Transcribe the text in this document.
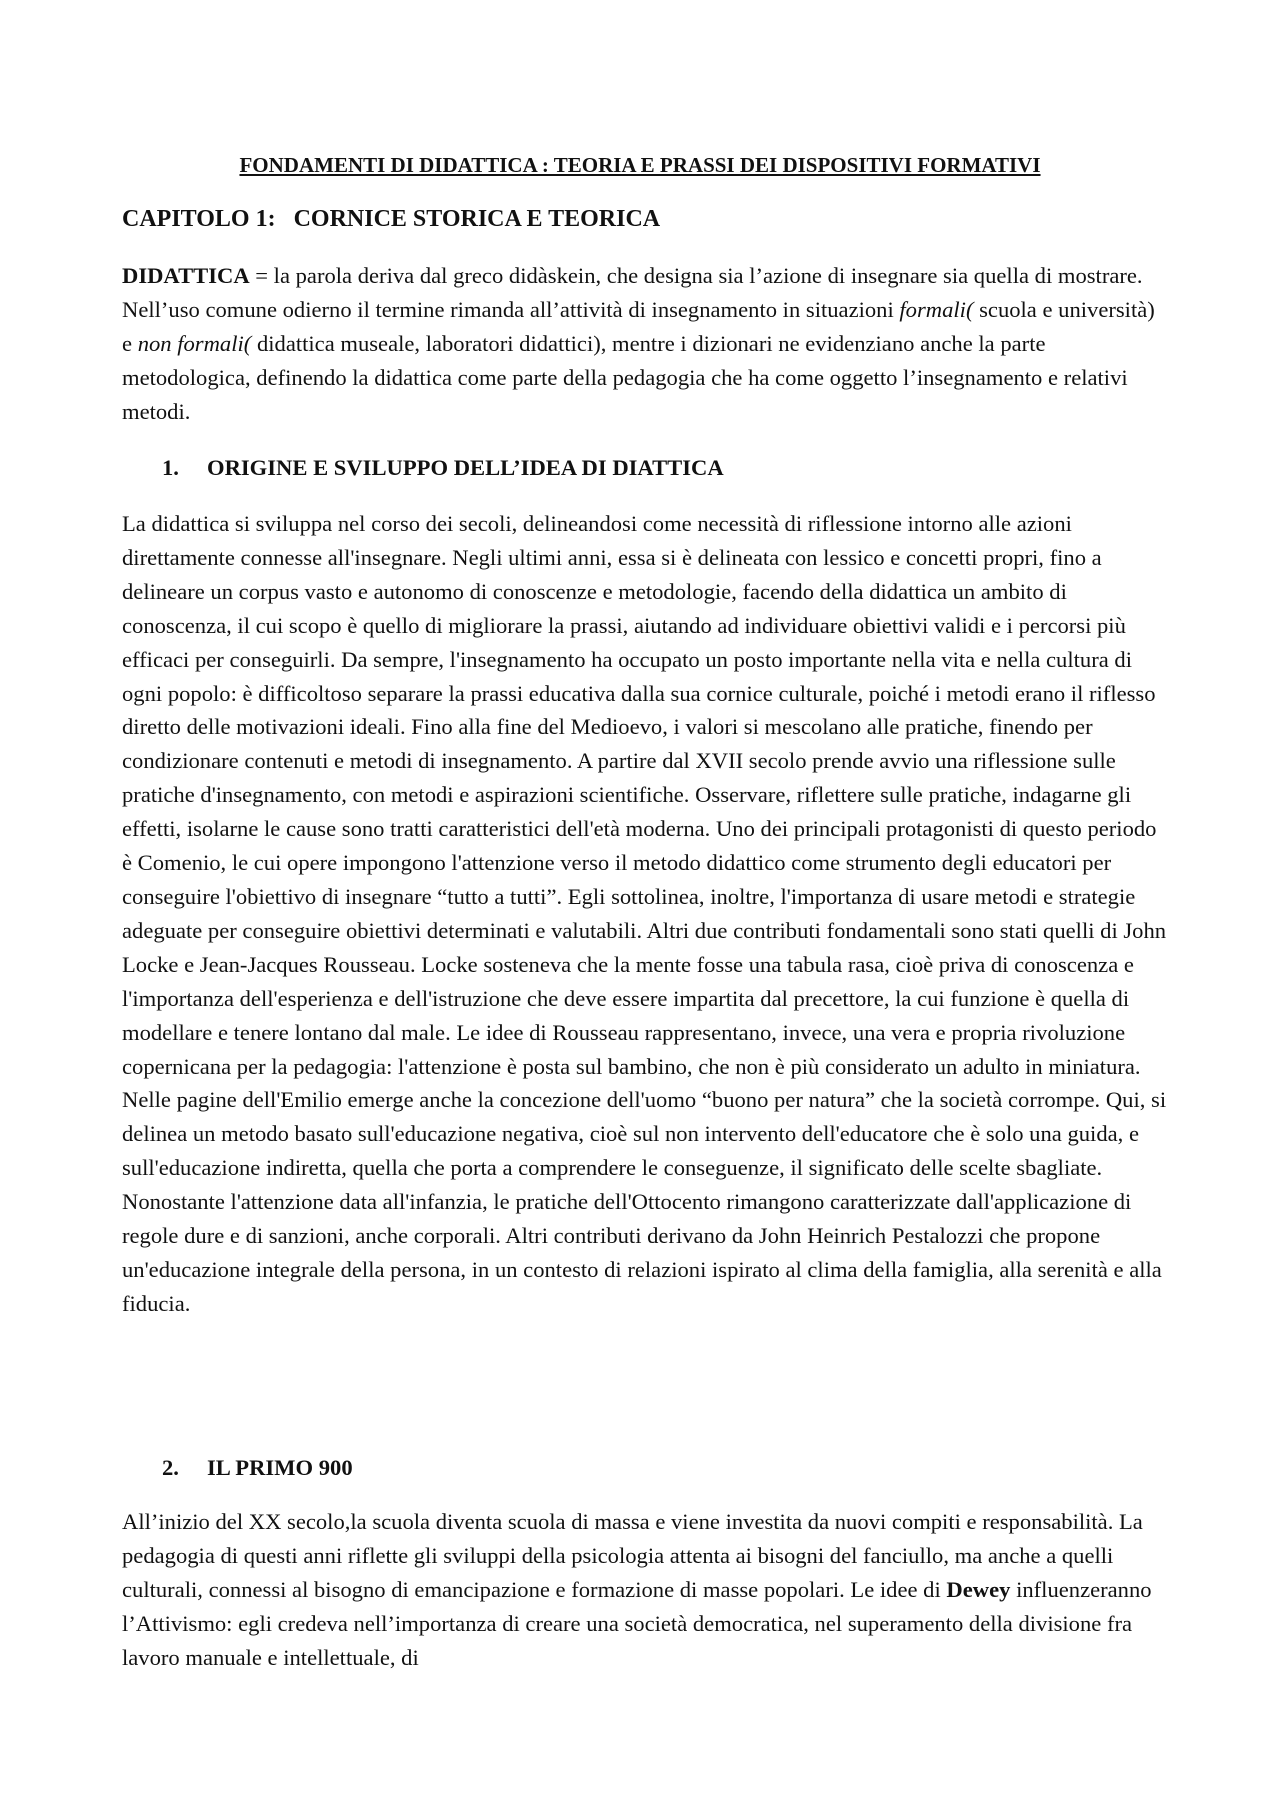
FONDAMENTI DI DIDATTICA : TEORIA E PRASSI DEI DISPOSITIVI FORMATIVI
CAPITOLO 1:   CORNICE STORICA E TEORICA

DIDATTICA = la parola deriva dal greco didàskein, che designa sia l’azione di insegnare sia quella di mostrare. Nell’uso comune odierno il termine rimanda all’attività di insegnamento in situazioni formali( scuola e università) e non formali( didattica museale, laboratori didattici), mentre i dizionari ne evidenziano anche la parte metodologica, definendo la didattica come parte della pedagogia che ha come oggetto l’insegnamento e relativi metodi.

1. ORIGINE E SVILUPPO DELL’IDEA DI DIATTICA

La didattica si sviluppa nel corso dei secoli, delineandosi come necessità di riflessione intorno alle azioni direttamente connesse all'insegnare. Negli ultimi anni, essa si è delineata con lessico e concetti propri, fino a delineare un corpus vasto e autonomo di conoscenze e metodologie, facendo della didattica un ambito di conoscenza, il cui scopo è quello di migliorare la prassi, aiutando ad individuare obiettivi validi e i percorsi più efficaci per conseguirli. Da sempre, l'insegnamento ha occupato un posto importante nella vita e nella cultura di ogni popolo: è difficoltoso separare la prassi educativa dalla sua cornice culturale, poiché i metodi erano il riflesso diretto delle motivazioni ideali. Fino alla fine del Medioevo, i valori si mescolano alle pratiche, finendo per condizionare contenuti e metodi di insegnamento. A partire dal XVII secolo prende avvio una riflessione sulle pratiche d'insegnamento, con metodi e aspirazioni scientifiche. Osservare, riflettere sulle pratiche, indagarne gli effetti, isolarne le cause sono tratti caratteristici dell'età moderna. Uno dei principali protagonisti di questo periodo è Comenio, le cui opere impongono l'attenzione verso il metodo didattico come strumento degli educatori per conseguire l'obiettivo di insegnare “tutto a tutti”. Egli sottolinea, inoltre, l'importanza di usare metodi e strategie adeguate per conseguire obiettivi determinati e valutabili. Altri due contributi fondamentali sono stati quelli di John Locke e Jean-Jacques Rousseau. Locke sosteneva che la mente fosse una tabula rasa, cioè priva di conoscenza e l'importanza dell'esperienza e dell'istruzione che deve essere impartita dal precettore, la cui funzione è quella di modellare e tenere lontano dal male. Le idee di Rousseau rappresentano, invece, una vera e propria rivoluzione copernicana per la pedagogia: l'attenzione è posta sul bambino, che non è più considerato un adulto in miniatura. Nelle pagine dell'Emilio emerge anche la concezione dell'uomo “buono per natura” che la società corrompe. Qui, si delinea un metodo basato sull'educazione negativa, cioè sul non intervento dell'educatore che è solo una guida, e sull'educazione indiretta, quella che porta a comprendere le conseguenze, il significato delle scelte sbagliate. Nonostante l'attenzione data all'infanzia, le pratiche dell'Ottocento rimangono caratterizzate dall'applicazione di regole dure e di sanzioni, anche corporali. Altri contributi derivano da John Heinrich Pestalozzi che propone un'educazione integrale della persona, in un contesto di relazioni ispirato al clima della famiglia, alla serenità e alla fiducia.

2. IL PRIMO 900

All’inizio del XX secolo,la scuola diventa scuola di massa e viene investita da nuovi compiti e responsabilità. La pedagogia di questi anni riflette gli sviluppi della psicologia attenta ai bisogni del fanciullo, ma anche a quelli culturali, connessi al bisogno di emancipazione e formazione di masse popolari. Le idee di Dewey influenzeranno l’Attivismo: egli credeva nell’importanza di creare una società democratica, nel superamento della divisione fra lavoro manuale e intellettuale, di
